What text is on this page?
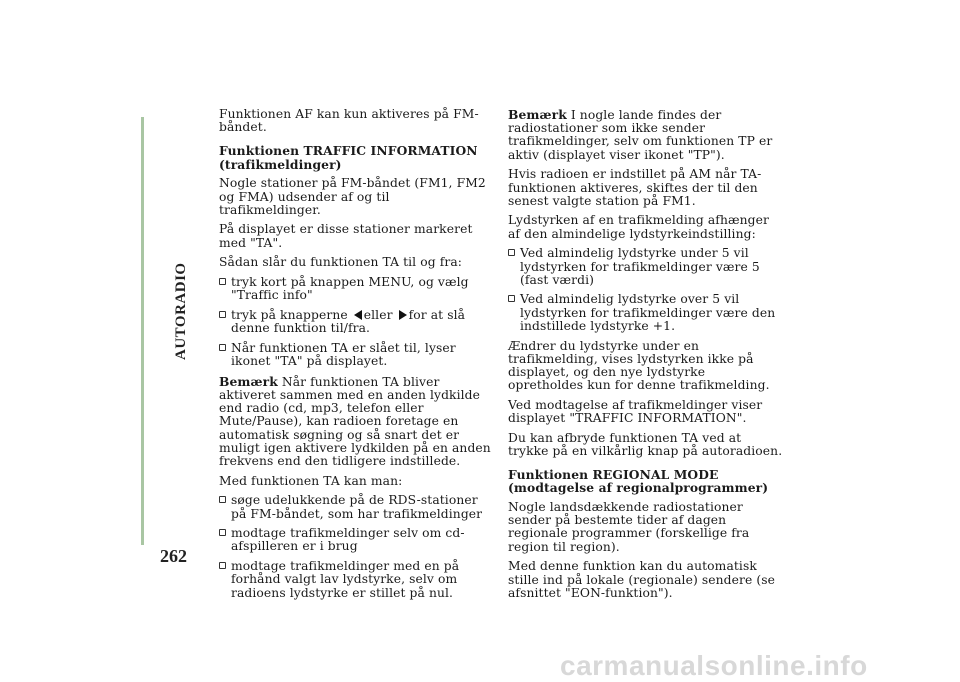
AUTORADIO
262

Funktionen AF kan kun aktiveres på FM-båndet.

Funktionen TRAFFIC INFORMATION (trafikmeldinger)

Nogle stationer på FM-båndet (FM1, FM2 og FMA) udsender af og til trafikmeldinger.

På displayet er disse stationer markeret med "TA".

Sådan slår du funktionen TA til og fra:

tryk kort på knappen MENU, og vælg "Traffic info"
tryk på knapperne eller for at slå denne funktion til/fra.
Når funktionen TA er slået til, lyser ikonet "TA" på displayet.

Bemærk Når funktionen TA bliver aktiveret sammen med en anden lydkilde end radio (cd, mp3, telefon eller Mute/Pause), kan radioen foretage en automatisk søgning og så snart det er muligt igen aktivere lydkilden på en anden frekvens end den tidligere indstillede.

Med funktionen TA kan man:

søge udelukkende på de RDS-stationer på FM-båndet, som har trafikmeldinger
modtage trafikmeldinger selv om cd-afspilleren er i brug
modtage trafikmeldinger med en på forhånd valgt lav lydstyrke, selv om radioens lydstyrke er stillet på nul.

Bemærk I nogle lande findes der radiostationer som ikke sender trafikmeldinger, selv om funktionen TP er aktiv (displayet viser ikonet "TP").

Hvis radioen er indstillet på AM når TA-funktionen aktiveres, skiftes der til den senest valgte station på FM1.

Lydstyrken af en trafikmelding afhænger af den almindelige lydstyrkeindstilling:

Ved almindelig lydstyrke under 5 vil lydstyrken for trafikmeldinger være 5 (fast værdi)
Ved almindelig lydstyrke over 5 vil lydstyrken for trafikmeldinger være den indstillede lydstyrke +1.

Ændrer du lydstyrke under en trafikmelding, vises lydstyrken ikke på displayet, og den nye lydstyrke opretholdes kun for denne trafikmelding.

Ved modtagelse af trafikmeldinger viser displayet "TRAFFIC INFORMATION".

Du kan afbryde funktionen TA ved at trykke på en vilkårlig knap på autoradioen.

Funktionen REGIONAL MODE (modtagelse af regionalprogrammer)

Nogle landsdækkende radiostationer sender på bestemte tider af dagen regionale programmer (forskellige fra region til region).

Med denne funktion kan du automatisk stille ind på lokale (regionale) sendere (se afsnittet "EON-funktion").

carmanualsonline.info
